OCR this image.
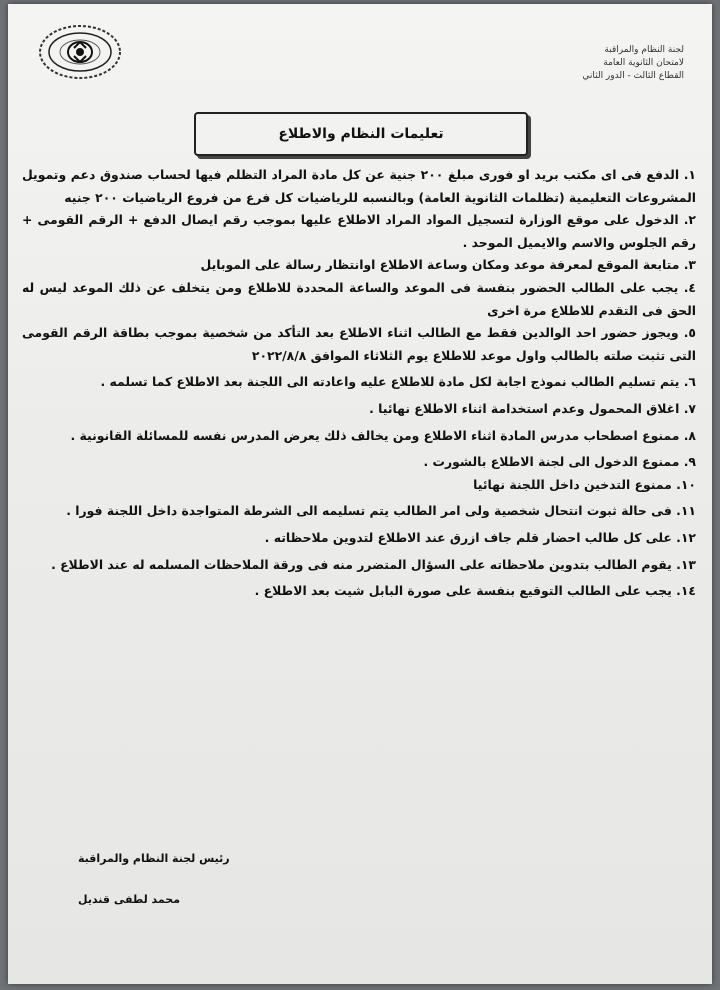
لجنة النظام والمراقبة
لامتحان الثانوية العامة
القطاع الثالث - الدور الثاني
تعليمات النظام والاطلاع
١. الدفع فى اى مكتب بريد او فورى مبلغ ٢٠٠ جنية عن كل مادة المراد التظلم فيها لحساب صندوق دعم وتمويل المشروعات التعليمية (تظلمات الثانوية العامة) وبالنسبه للرياضيات كل فرع من فروع الرياضيات ٢٠٠ جنيه
٢. الدخول على موقع الوزارة لتسجيل المواد المراد الاطلاع عليها بموجب رقم ايصال الدفع + الرقم القومى + رقم الجلوس والاسم والايميل الموحد .
٣. متابعة الموقع لمعرفة موعد ومكان وساعة الاطلاع اوانتظار رسالة على الموبايل
٤. يجب على الطالب الحضور بنفسة فى الموعد والساعة المحددة للاطلاع ومن يتخلف عن ذلك الموعد ليس له الحق فى التقدم للاطلاع مرة اخرى
٥. ويجوز حضور احد الوالدين فقط مع الطالب اثناء الاطلاع بعد التأكد من شخصية بموجب بطاقة الرقم القومى التى تثبت صلته بالطالب واول موعد للاطلاع يوم الثلاثاء الموافق ٢٠٢٢/٨/٨
٦. يتم تسليم الطالب نموذج اجابة لكل مادة للاطلاع عليه واعادته الى اللجنة بعد الاطلاع كما تسلمه .
٧. اغلاق المحمول وعدم استخدامة اثناء الاطلاع نهائيا .
٨. ممنوع اصطحاب مدرس المادة اثناء الاطلاع ومن يخالف ذلك يعرض المدرس نفسه للمسائلة القانونية .
٩. ممنوع الدخول الى لجنة الاطلاع بالشورت .
١٠. ممنوع التدخين داخل اللجنة نهائيا
١١. فى حالة ثبوت انتحال شخصية ولى امر الطالب يتم تسليمه الى الشرطة المتواجدة داخل اللجنة فورا .
١٢. على كل طالب احضار قلم جاف ازرق عند الاطلاع لتدوين ملاحظاته .
١٣. يقوم الطالب بتدوين ملاحظاته على السؤال المتضرر منه فى ورقة الملاحظات المسلمه له عند الاطلاع .
١٤. يجب على الطالب التوقيع بنفسة على صورة البابل شيت بعد الاطلاع .
رئيس لجنة النظام والمراقبة
محمد لطفى قنديل
